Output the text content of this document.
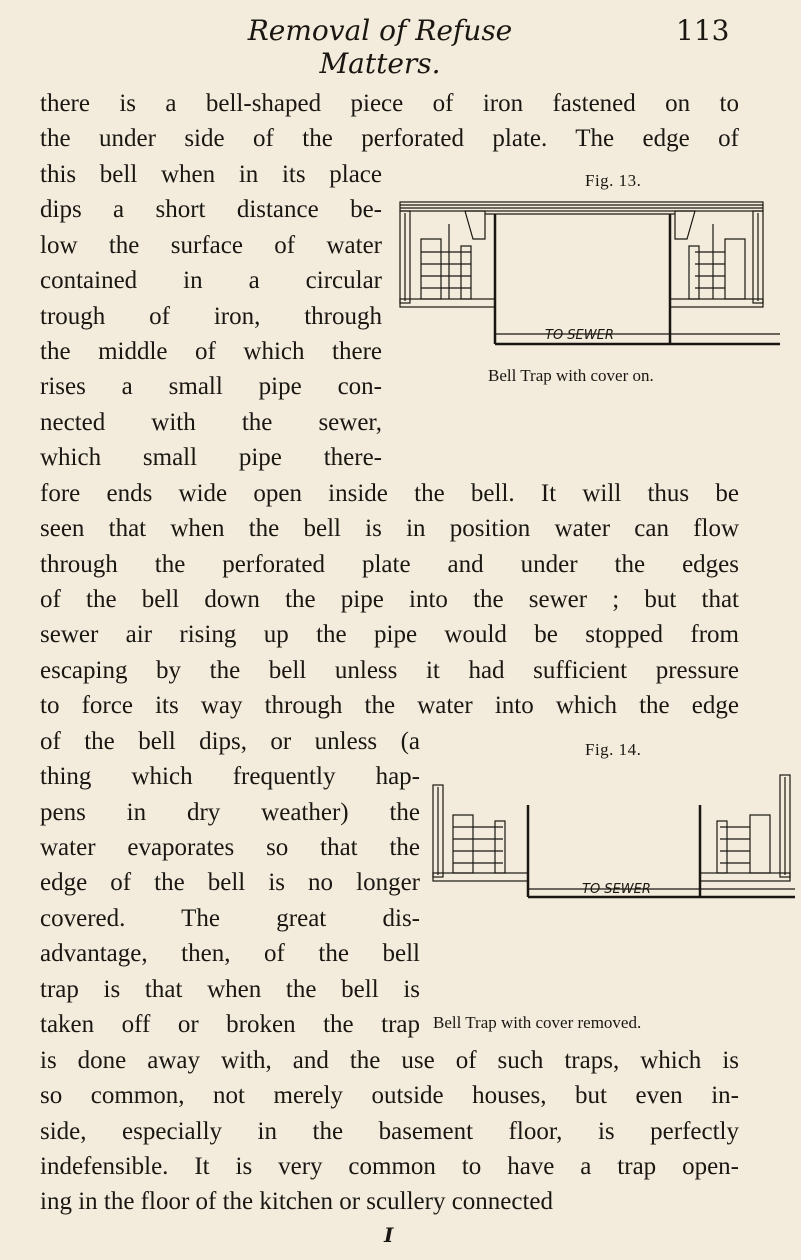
Removal of Refuse Matters.
113
there is a bell-shaped piece of iron fastened on to
the under side of the perforated plate. The edge of
this bell when in its place
dips a short distance be-
low the surface of water
contained in a circular
trough of iron, through
the middle of which there
rises a small pipe con-
nected with the sewer,
which small pipe there-
fore ends wide open inside the bell. It will thus be
seen that when the bell is in position water can flow
through the perforated plate and under the edges
of the bell down the pipe into the sewer ; but that
sewer air rising up the pipe would be stopped from
escaping by the bell unless it had sufficient pressure
to force its way through the water into which the edge
of the bell dips, or unless (a
thing which frequently hap-
pens in dry weather) the
water evaporates so that the
edge of the bell is no longer
covered. The great dis-
advantage, then, of the bell
trap is that when the bell is
taken off or broken the trap
is done away with, and the use of such traps, which is
so common, not merely outside houses, but even in-
side, especially in the basement floor, is perfectly
indefensible. It is very common to have a trap open-
ing in the floor of the kitchen or scullery connected
Fig. 13.
TO SEWER
Bell Trap with cover on.
Fig. 14.
TO SEWER
Bell Trap with cover removed.
I
